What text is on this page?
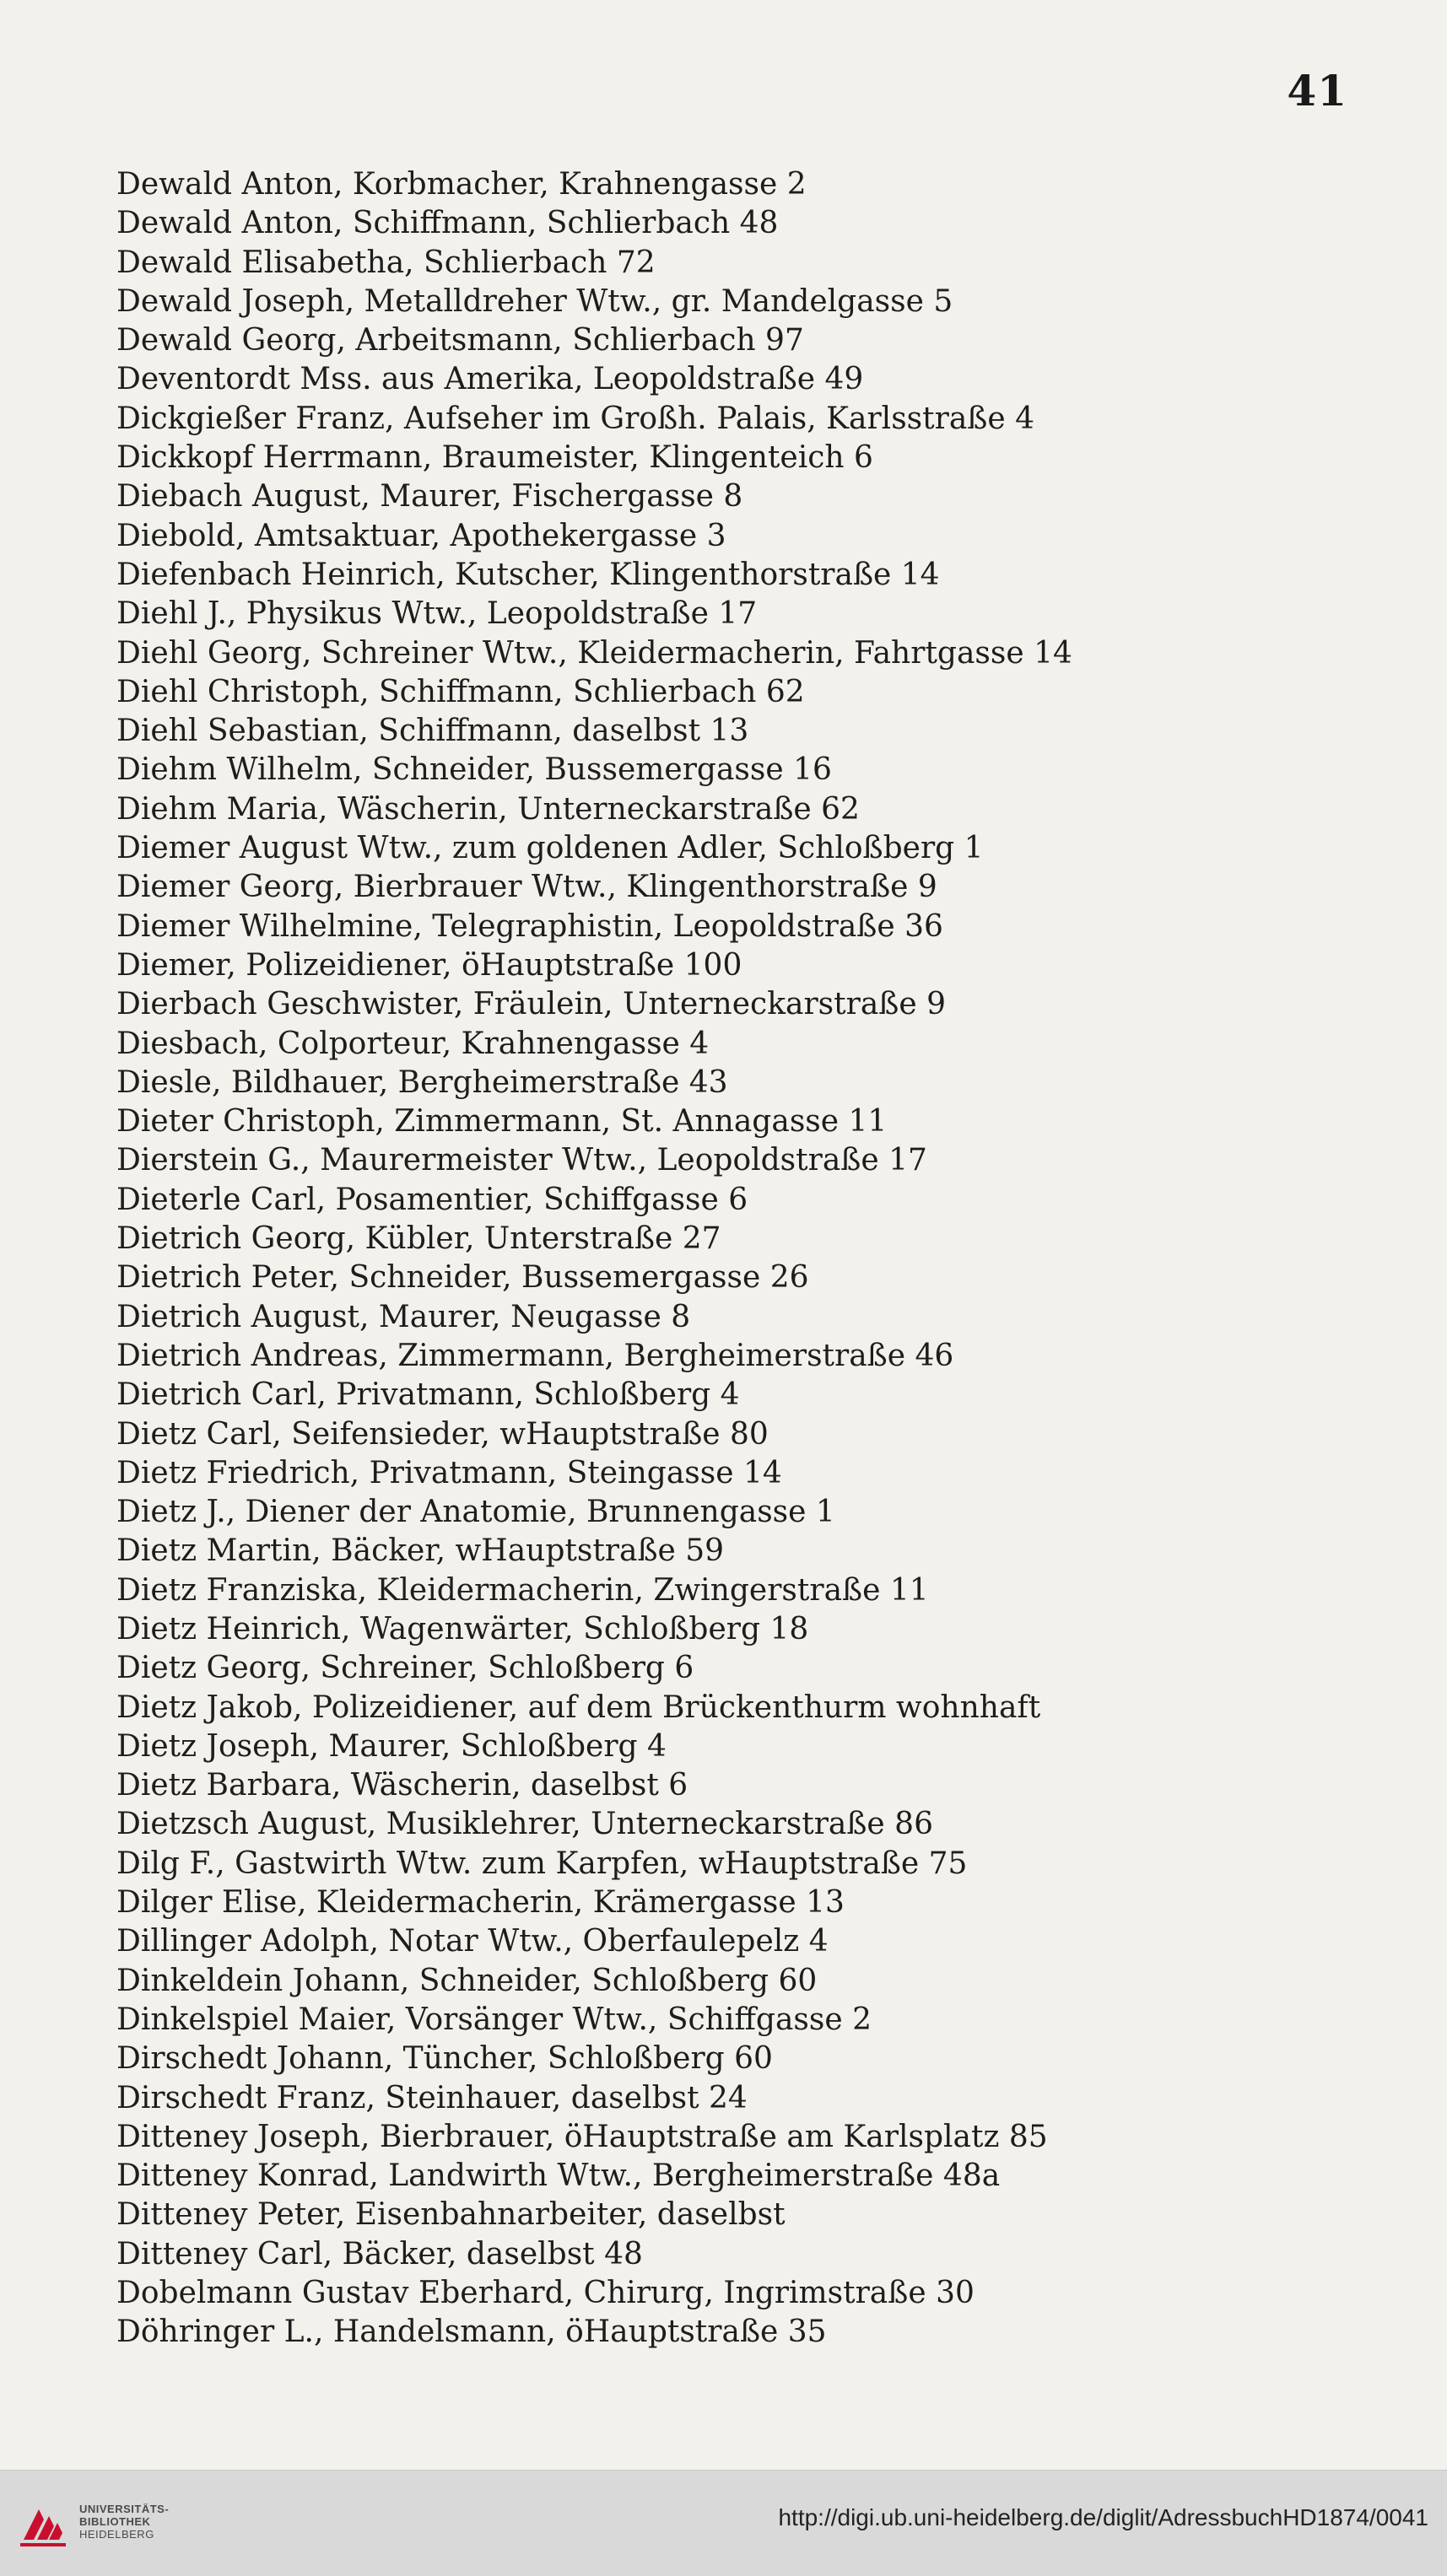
41
Dewald Anton, Korbmacher, Krahnengasse 2
Dewald Anton, Schiffmann, Schlierbach 48
Dewald Elisabetha, Schlierbach 72
Dewald Joseph, Metalldreher Wtw., gr. Mandelgasse 5
Dewald Georg, Arbeitsmann, Schlierbach 97
Deventordt Mss. aus Amerika, Leopoldstraße 49
Dickgießer Franz, Aufseher im Großh. Palais, Karlsstraße 4
Dickkopf Herrmann, Braumeister, Klingenteich 6
Diebach August, Maurer, Fischergasse 8
Diebold, Amtsaktuar, Apothekergasse 3
Diefenbach Heinrich, Kutscher, Klingenthorstraße 14
Diehl J., Physikus Wtw., Leopoldstraße 17
Diehl Georg, Schreiner Wtw., Kleidermacherin, Fahrtgasse 14
Diehl Christoph, Schiffmann, Schlierbach 62
Diehl Sebastian, Schiffmann, daselbst 13
Diehm Wilhelm, Schneider, Bussemergasse 16
Diehm Maria, Wäscherin, Unterneckarstraße 62
Diemer August Wtw., zum goldenen Adler, Schloßberg 1
Diemer Georg, Bierbrauer Wtw., Klingenthorstraße 9
Diemer Wilhelmine, Telegraphistin, Leopoldstraße 36
Diemer, Polizeidiener, öHauptstraße 100
Dierbach Geschwister, Fräulein, Unterneckarstraße 9
Diesbach, Colporteur, Krahnengasse 4
Diesle, Bildhauer, Bergheimerstraße 43
Dieter Christoph, Zimmermann, St. Annagasse 11
Dierstein G., Maurermeister Wtw., Leopoldstraße 17
Dieterle Carl, Posamentier, Schiffgasse 6
Dietrich Georg, Kübler, Unterstraße 27
Dietrich Peter, Schneider, Bussemergasse 26
Dietrich August, Maurer, Neugasse 8
Dietrich Andreas, Zimmermann, Bergheimerstraße 46
Dietrich Carl, Privatmann, Schloßberg 4
Dietz Carl, Seifensieder, wHauptstraße 80
Dietz Friedrich, Privatmann, Steingasse 14
Dietz J., Diener der Anatomie, Brunnengasse 1
Dietz Martin, Bäcker, wHauptstraße 59
Dietz Franziska, Kleidermacherin, Zwingerstraße 11
Dietz Heinrich, Wagenwärter, Schloßberg 18
Dietz Georg, Schreiner, Schloßberg 6
Dietz Jakob, Polizeidiener, auf dem Brückenthurm wohnhaft
Dietz Joseph, Maurer, Schloßberg 4
Dietz Barbara, Wäscherin, daselbst 6
Dietzsch August, Musiklehrer, Unterneckarstraße 86
Dilg F., Gastwirth Wtw. zum Karpfen, wHauptstraße 75
Dilger Elise, Kleidermacherin, Krämergasse 13
Dillinger Adolph, Notar Wtw., Oberfaulepelz 4
Dinkeldein Johann, Schneider, Schloßberg 60
Dinkelspiel Maier, Vorsänger Wtw., Schiffgasse 2
Dirschedt Johann, Tüncher, Schloßberg 60
Dirschedt Franz, Steinhauer, daselbst 24
Ditteney Joseph, Bierbrauer, öHauptstraße am Karlsplatz 85
Ditteney Konrad, Landwirth Wtw., Bergheimerstraße 48a
Ditteney Peter, Eisenbahnarbeiter, daselbst
Ditteney Carl, Bäcker, daselbst 48
Dobelmann Gustav Eberhard, Chirurg, Ingrimstraße 30
Döhringer L., Handelsmann, öHauptstraße 35
UNIVERSITÄTS-
BIBLIOTHEK
HEIDELBERG
http://digi.ub.uni-heidelberg.de/diglit/AdressbuchHD1874/0041
